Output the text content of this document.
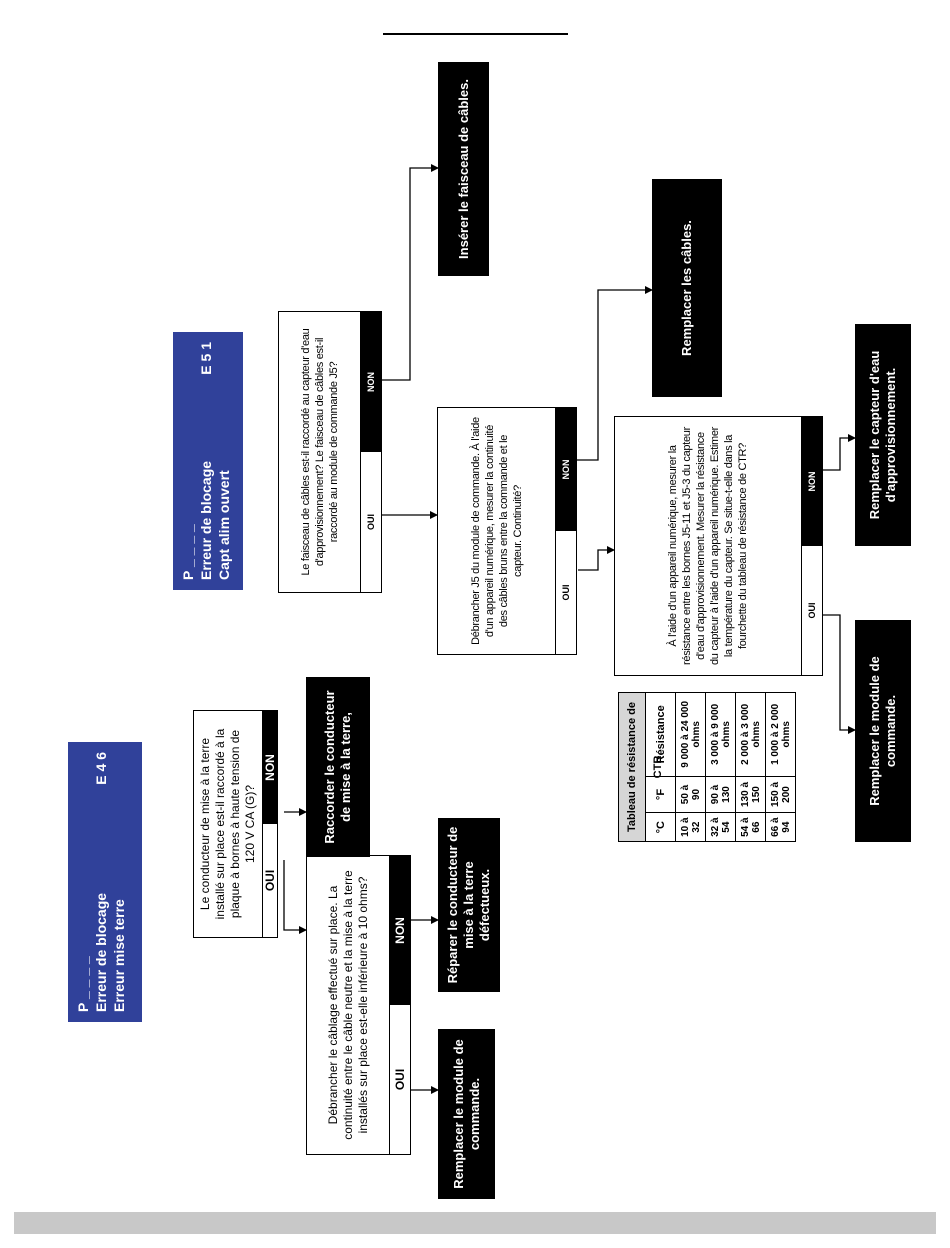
P _ _ _ _ Erreur de blocage
E 4 6
Erreur mise terre
P _ _ _ _ Erreur de blocage
E 5 1
Capt alim ouvert
Le conducteur de mise à la terre installé sur place est-il raccordé à la plaque à bornes à haute tension de 120 V CA (G)?
OUI
NON
Débrancher le câblage effectué sur place. La continuité entre le câble neutre et la mise à la terre installés sur place est-elle inférieure à 10 ohms?	OUI
NON
Raccorder le conducteur de mise à la terre,
Réparer le conducteur de mise à la terre défectueux.
Remplacer le module de commande.
Le faisceau de câbles est-il raccordé au capteur d'eau d'approvisionnement? Le faisceau de câbles est-il raccordé au module de commande J5?	OUI
NON
Débrancher J5 du module de commande. À l'aide d'un appareil numérique, mesurer la continuité des câbles bruns entre la commande et le capteur. Continuité?
OUI
NON	À l'aide d'un appareil numérique, mesurer la résistance entre les bornes J5-11 et J5-3 du capteur d'eau d'approvisionnement. Mesurer la résistance du capteur à l'aide d'un appareil numérique. Estimer la température du capteur. Se situe-t-elle dans la fourchette du tableau de résistance de CTR?	OUI
NON
Insérer le faisceau de câbles.
Remplacer les câbles.
Remplacer le capteur d'eau d'approvisionnement.
Remplacer le module de commande.
Tableau de résistance de CTR
°C	°F	Résistance
10 à 32	50 à 90	9 000 à 24 000 ohms
32 à 54	90 à 130	3 000 à 9 000 ohms
54 à 66	130 à 150	2 000 à 3 000 ohms
66 à 94	150 à 200	1 000 à 2 000 ohms
